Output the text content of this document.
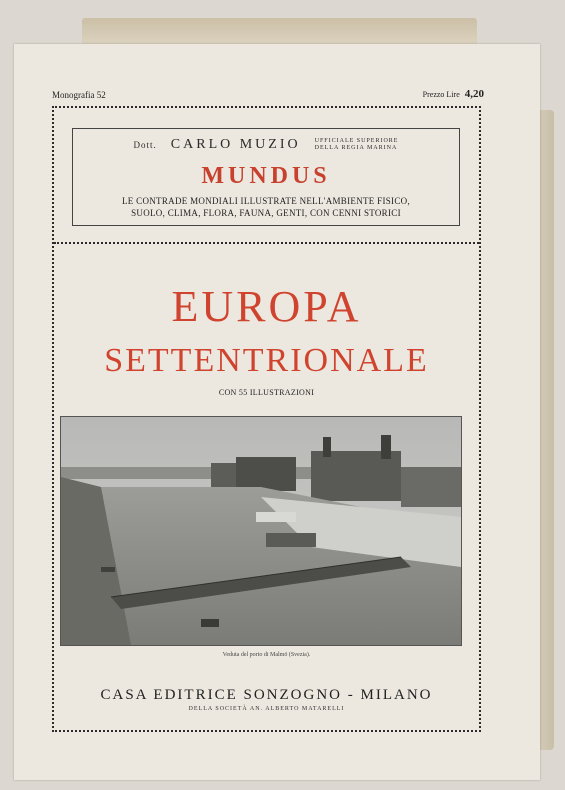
Monografia 52	Prezzo Lire 4,20
Dott. CARLO MUZIO UFFICIALE SUPERIORE
DELLA REGIA MARINA
MUNDUS
LE CONTRADE MONDIALI ILLUSTRATE NELL'AMBIENTE FISICO,
SUOLO, CLIMA, FLORA, FAUNA, GENTI, CON CENNI STORICI
EUROPA
SETTENTRIONALE
CON 55 ILLUSTRAZIONI
Veduta del porto di Malmö (Svezia).
CASA EDITRICE SONZOGNO - MILANO
DELLA SOCIETÀ AN. ALBERTO MATARELLI
